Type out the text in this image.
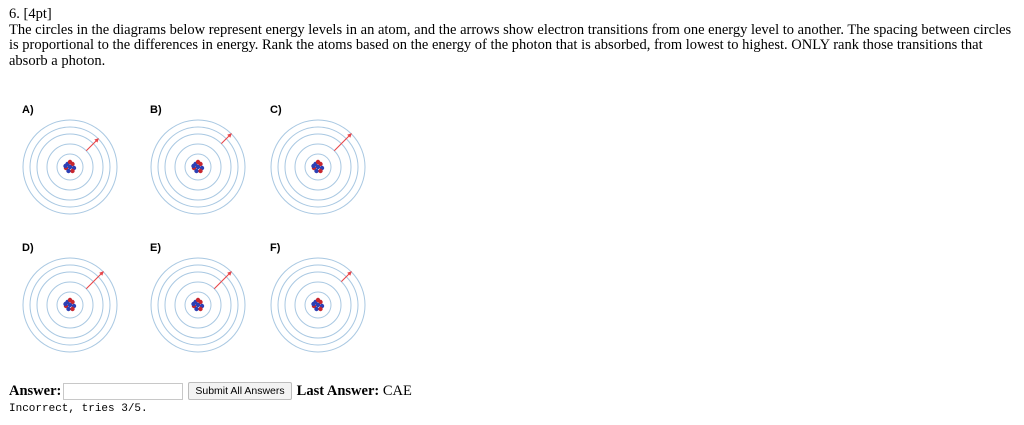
6. [4pt]
The circles in the diagrams below represent energy levels in an atom, and the arrows show electron transitions from one energy level to another. The spacing between circles is proportional to the differences in energy. Rank the atoms based on the energy of the photon that is absorbed, from lowest to highest. ONLY rank those transitions that absorb a photon.
A)	B)	C)
D)	E)	F)
Answer:	Submit All Answers Last Answer: CAE
Incorrect, tries 3/5.
